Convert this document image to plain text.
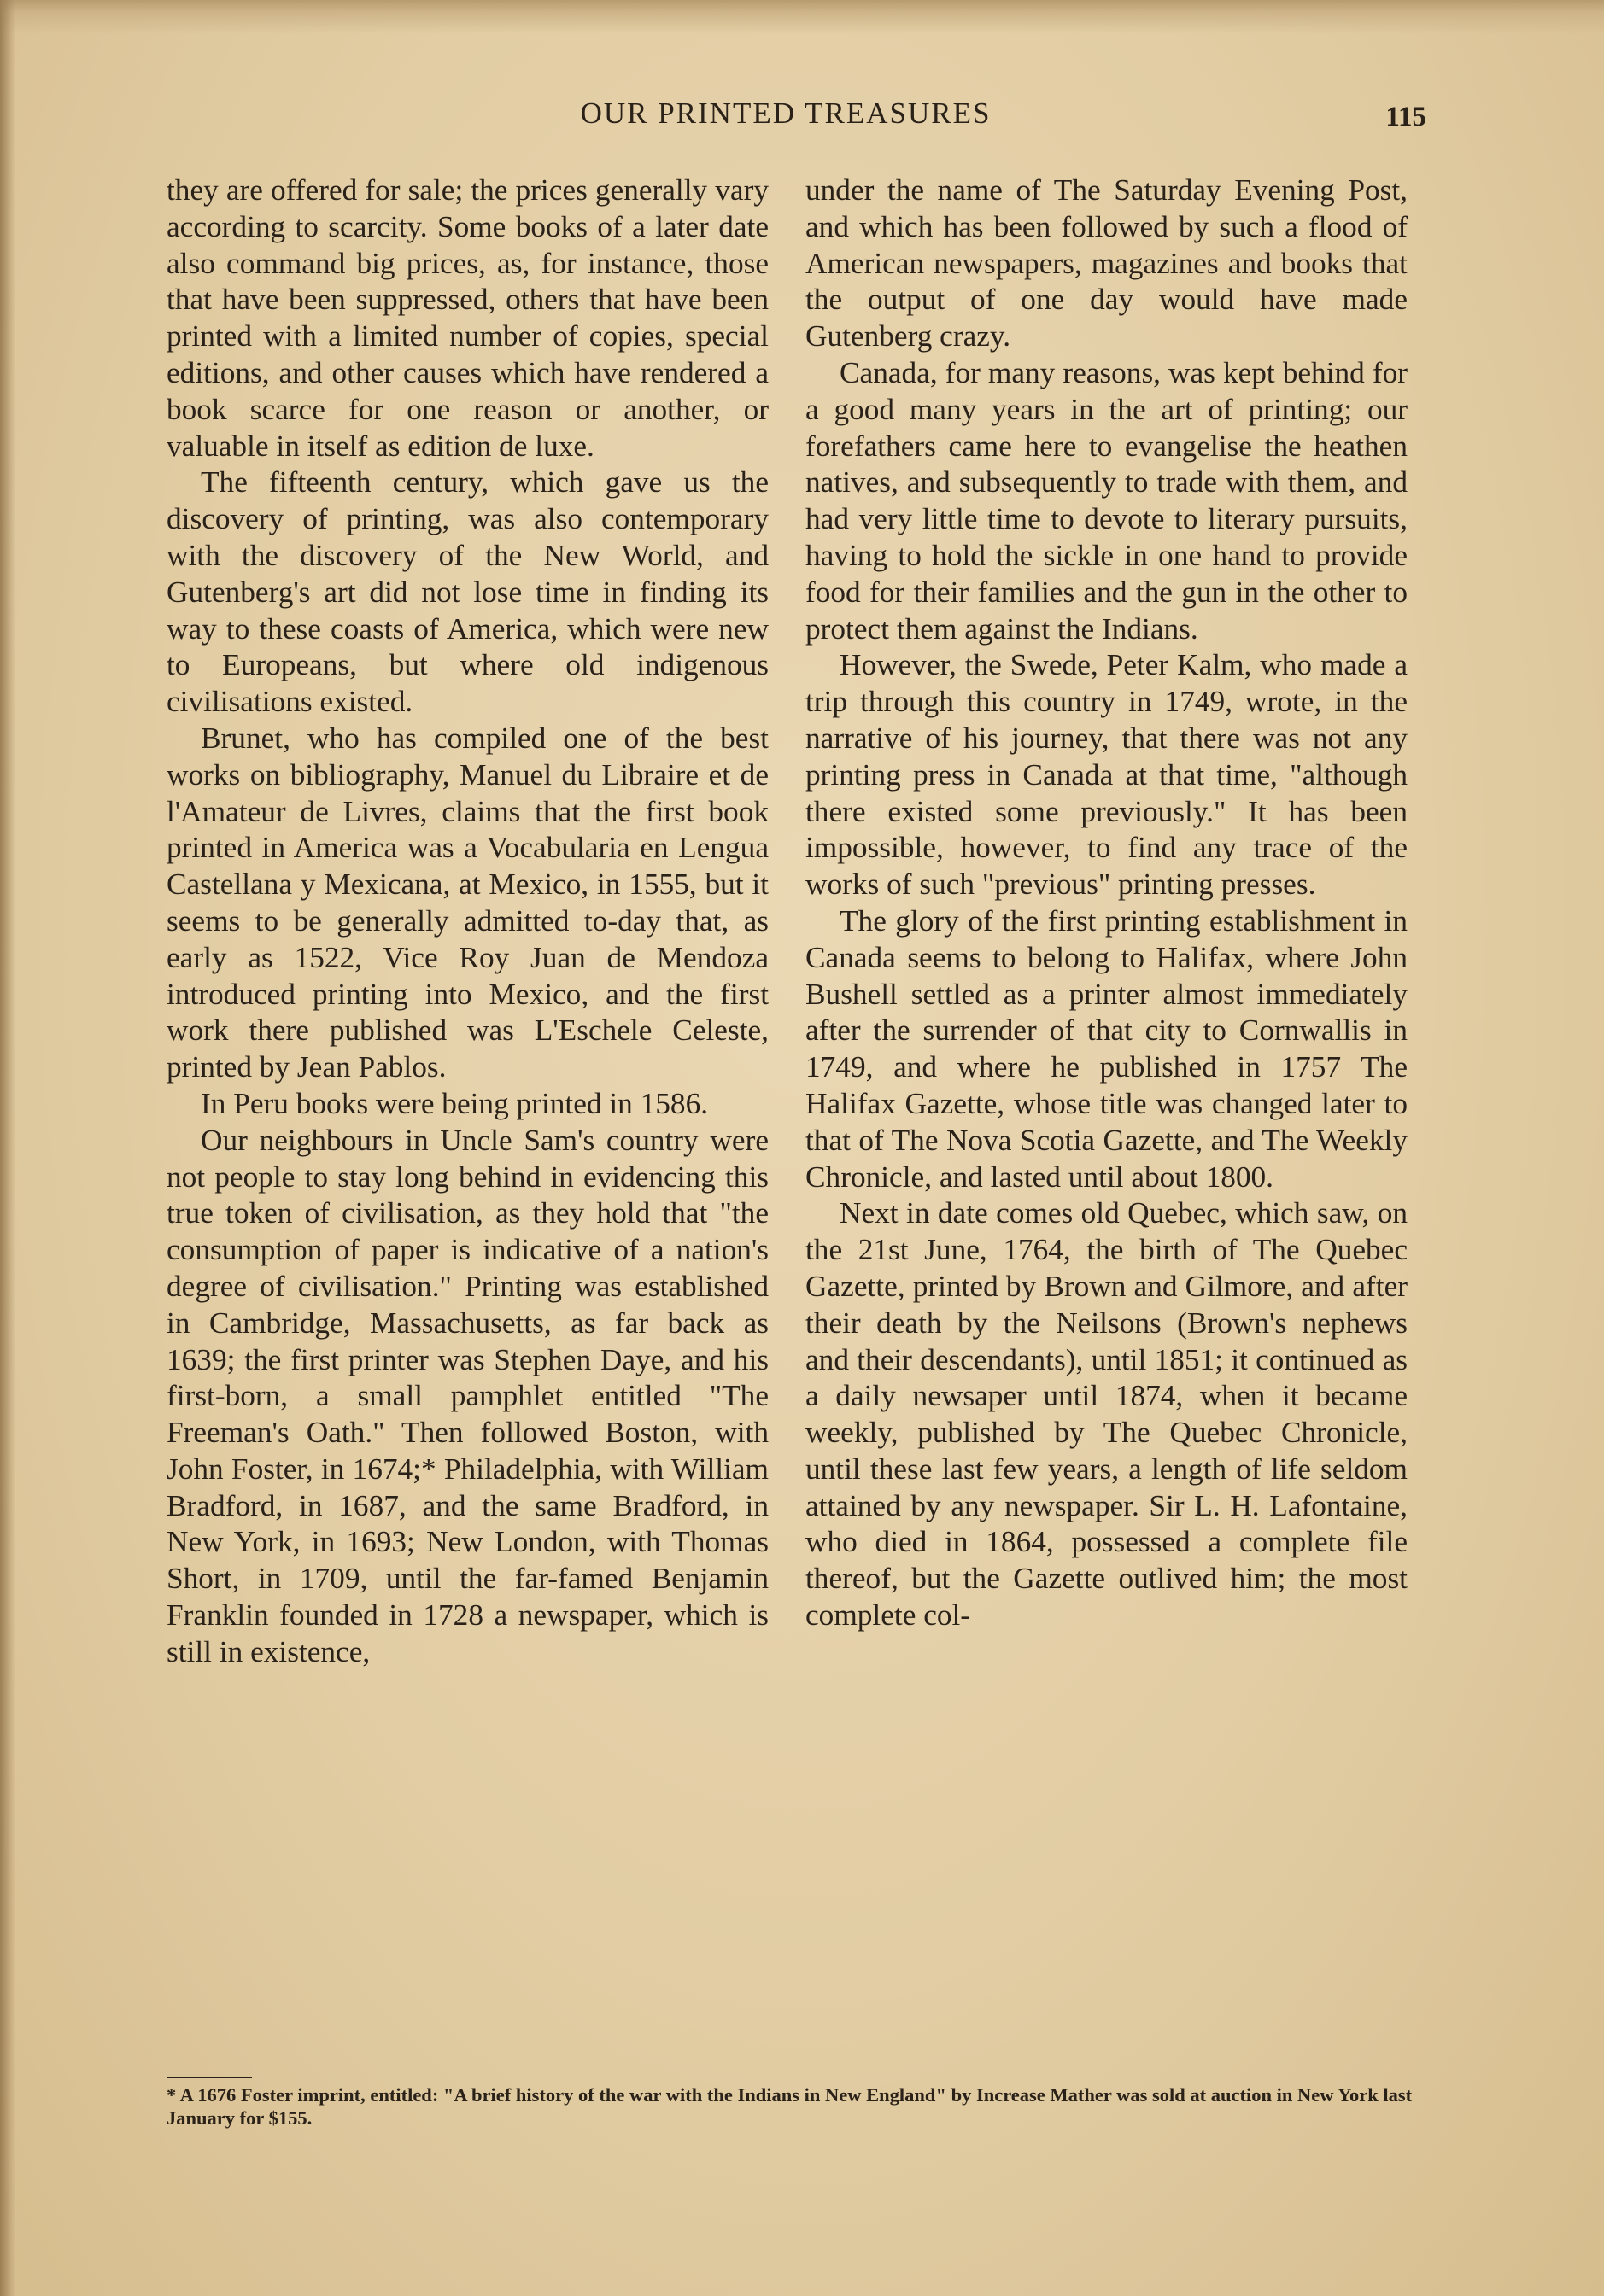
OUR PRINTED TREASURES	115

they are offered for sale; the prices generally vary according to scarcity. Some books of a later date also command big prices, as, for instance, those that have been suppressed, others that have been printed with a limited number of copies, special editions, and other causes which have rendered a book scarce for one reason or another, or valuable in itself as edition de luxe.

The fifteenth century, which gave us the discovery of printing, was also contemporary with the discovery of the New World, and Gutenberg's art did not lose time in finding its way to these coasts of America, which were new to Europeans, but where old indigenous civilisations existed.

Brunet, who has compiled one of the best works on bibliography, Manuel du Libraire et de l'Amateur de Livres, claims that the first book printed in America was a Vocabularia en Lengua Castellana y Mexicana, at Mexico, in 1555, but it seems to be generally admitted to-day that, as early as 1522, Vice Roy Juan de Mendoza introduced printing into Mexico, and the first work there published was L'Eschele Celeste, printed by Jean Pablos.

In Peru books were being printed in 1586.

Our neighbours in Uncle Sam's country were not people to stay long behind in evidencing this true token of civilisation, as they hold that "the consumption of paper is indicative of a nation's degree of civilisation." Printing was established in Cambridge, Massachusetts, as far back as 1639; the first printer was Stephen Daye, and his first-born, a small pamphlet entitled "The Freeman's Oath." Then followed Boston, with John Foster, in 1674;* Philadelphia, with William Bradford, in 1687, and the same Bradford, in New York, in 1693; New London, with Thomas Short, in 1709, until the far-famed Benjamin Franklin founded in 1728 a newspaper, which is still in existence,

under the name of The Saturday Evening Post, and which has been followed by such a flood of American newspapers, magazines and books that the output of one day would have made Gutenberg crazy.

Canada, for many reasons, was kept behind for a good many years in the art of printing; our forefathers came here to evangelise the heathen natives, and subsequently to trade with them, and had very little time to devote to literary pursuits, having to hold the sickle in one hand to provide food for their families and the gun in the other to protect them against the Indians.

However, the Swede, Peter Kalm, who made a trip through this country in 1749, wrote, in the narrative of his journey, that there was not any printing press in Canada at that time, "although there existed some previously." It has been impossible, however, to find any trace of the works of such "previous" printing presses.

The glory of the first printing establishment in Canada seems to belong to Halifax, where John Bushell settled as a printer almost immediately after the surrender of that city to Cornwallis in 1749, and where he published in 1757 The Halifax Gazette, whose title was changed later to that of The Nova Scotia Gazette, and The Weekly Chronicle, and lasted until about 1800.

Next in date comes old Quebec, which saw, on the 21st June, 1764, the birth of The Quebec Gazette, printed by Brown and Gilmore, and after their death by the Neilsons (Brown's nephews and their descendants), until 1851; it continued as a daily newsaper until 1874, when it became weekly, published by The Quebec Chronicle, until these last few years, a length of life seldom attained by any newspaper. Sir L. H. Lafontaine, who died in 1864, possessed a complete file thereof, but the Gazette outlived him; the most complete col-

* A 1676 Foster imprint, entitled: "A brief history of the war with the Indians in New England" by Increase Mather was sold at auction in New York last January for $155.
